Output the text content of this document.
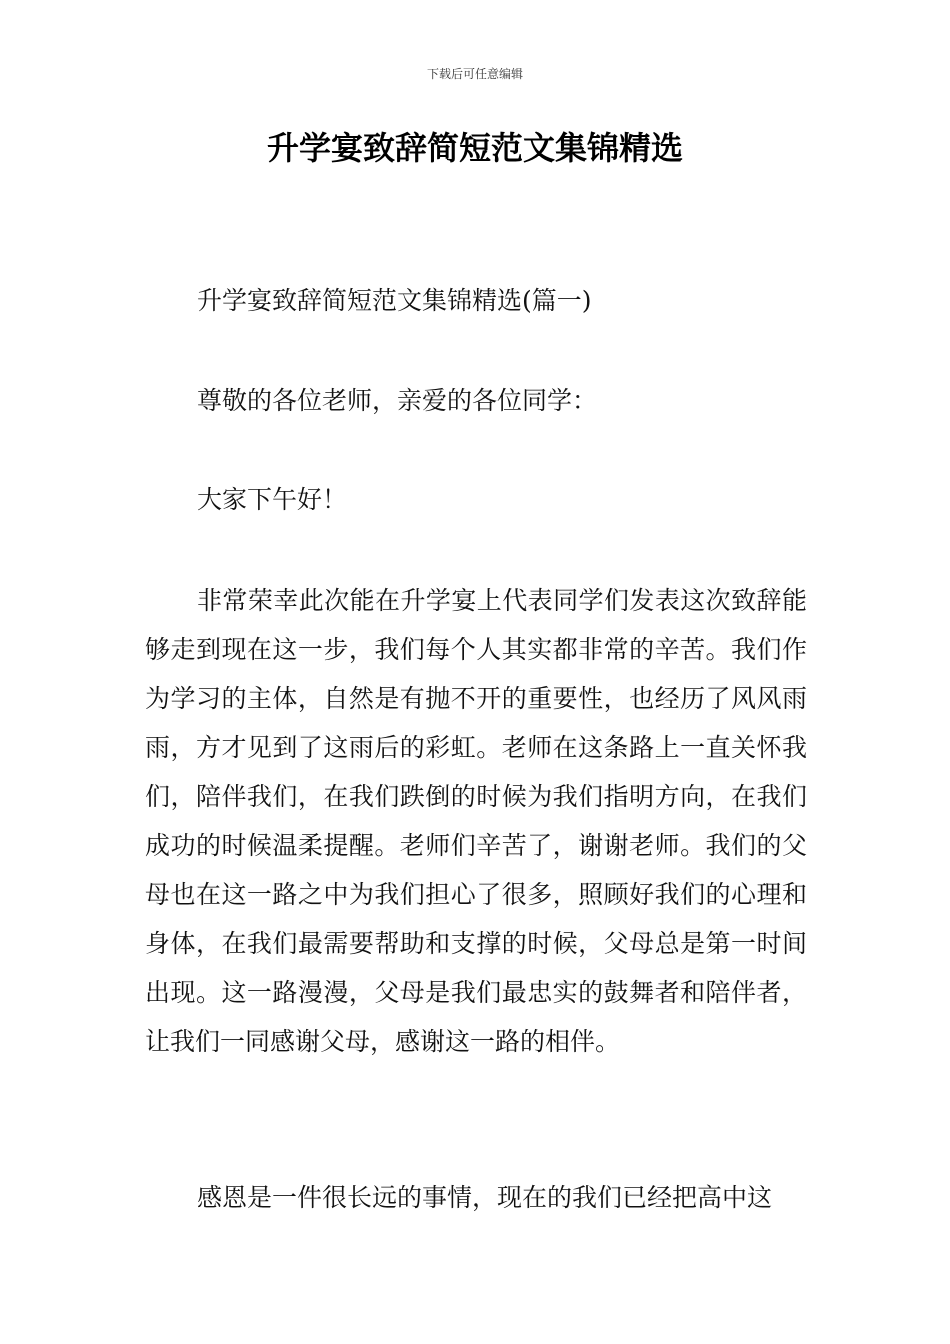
下载后可任意编辑
升学宴致辞简短范文集锦精选

升学宴致辞简短范文集锦精选(篇一)

尊敬的各位老师，亲爱的各位同学：

大家下午好！

非常荣幸此次能在升学宴上代表同学们发表这次致辞能够走到现在这一步，我们每个人其实都非常的辛苦。我们作为学习的主体，自然是有抛不开的重要性，也经历了风风雨雨，方才见到了这雨后的彩虹。老师在这条路上一直关怀我们，陪伴我们，在我们跌倒的时候为我们指明方向，在我们成功的时候温柔提醒。老师们辛苦了，谢谢老师。我们的父母也在这一路之中为我们担心了很多，照顾好我们的心理和身体，在我们最需要帮助和支撑的时候，父母总是第一时间出现。这一路漫漫，父母是我们最忠实的鼓舞者和陪伴者，让我们一同感谢父母，感谢这一路的相伴。

感恩是一件很长远的事情，现在的我们已经把高中这
